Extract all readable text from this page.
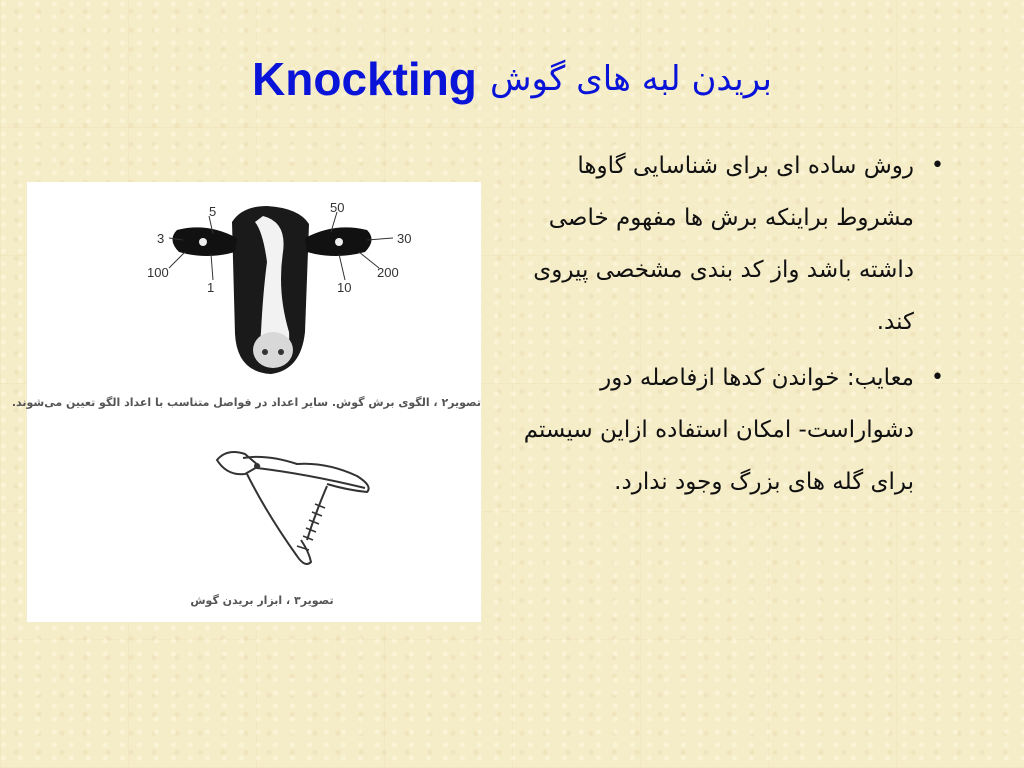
Knockting بریدن لبه های گوش
•
روش ساده ای برای شناسایی گاوها مشروط براینکه برش ها مفهوم خاصی داشته باشد واز کد بندی مشخصی پیروی کند.
•
معایب: خواندن کدها ازفاصله دور دشواراست- امکان استفاده ازاین سیستم برای گله های بزرگ وجود ندارد.
5
3
100
1
50
30
200
10
تصویر۲ ، الگوی برش گوش. سایر اعداد در فواصل متناسب با اعداد الگو تعیین می‌شوند.
تصویر۳ ، ابزار بریدن گوش
